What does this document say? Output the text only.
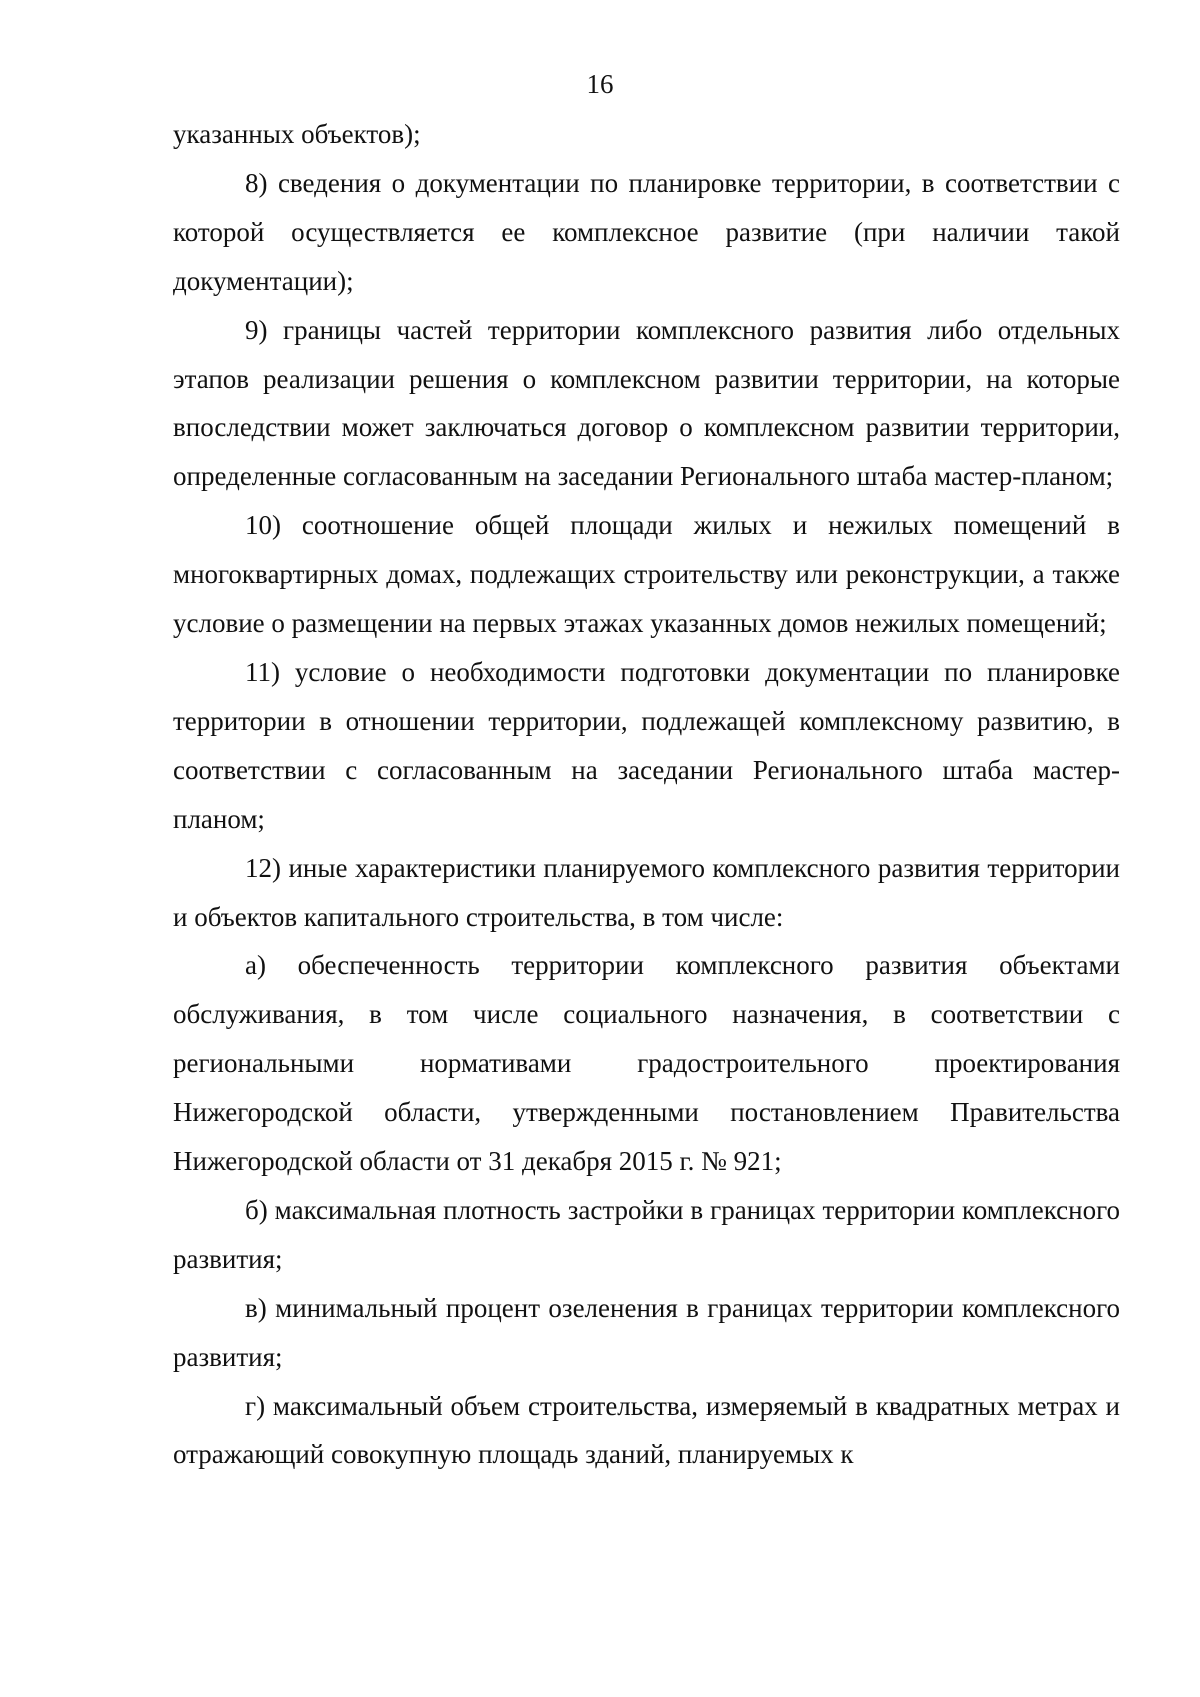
16

указанных объектов);

8) сведения о документации по планировке территории, в соответствии с которой осуществляется ее комплексное развитие (при наличии такой документации);

9) границы частей территории комплексного развития либо отдельных этапов реализации решения о комплексном развитии территории, на которые впоследствии может заключаться договор о комплексном развитии территории, определенные согласованным на заседании Регионального штаба мастер-планом;

10) соотношение общей площади жилых и нежилых помещений в многоквартирных домах, подлежащих строительству или реконструкции, а также условие о размещении на первых этажах указанных домов нежилых помещений;

11) условие о необходимости подготовки документации по планировке территории в отношении территории, подлежащей комплексному развитию, в соответствии с согласованным на заседании Регионального штаба мастер-планом;

12) иные характеристики планируемого комплексного развития территории и объектов капитального строительства, в том числе:

а) обеспеченность территории комплексного развития объектами обслуживания, в том числе социального назначения, в соответствии с региональными нормативами градостроительного проектирования Нижегородской области, утвержденными постановлением Правительства Нижегородской области от 31 декабря 2015 г. № 921;

б) максимальная плотность застройки в границах территории комплексного развития;

в) минимальный процент озеленения в границах территории комплексного развития;

г) максимальный объем строительства, измеряемый в квадратных метрах и отражающий совокупную площадь зданий, планируемых к
